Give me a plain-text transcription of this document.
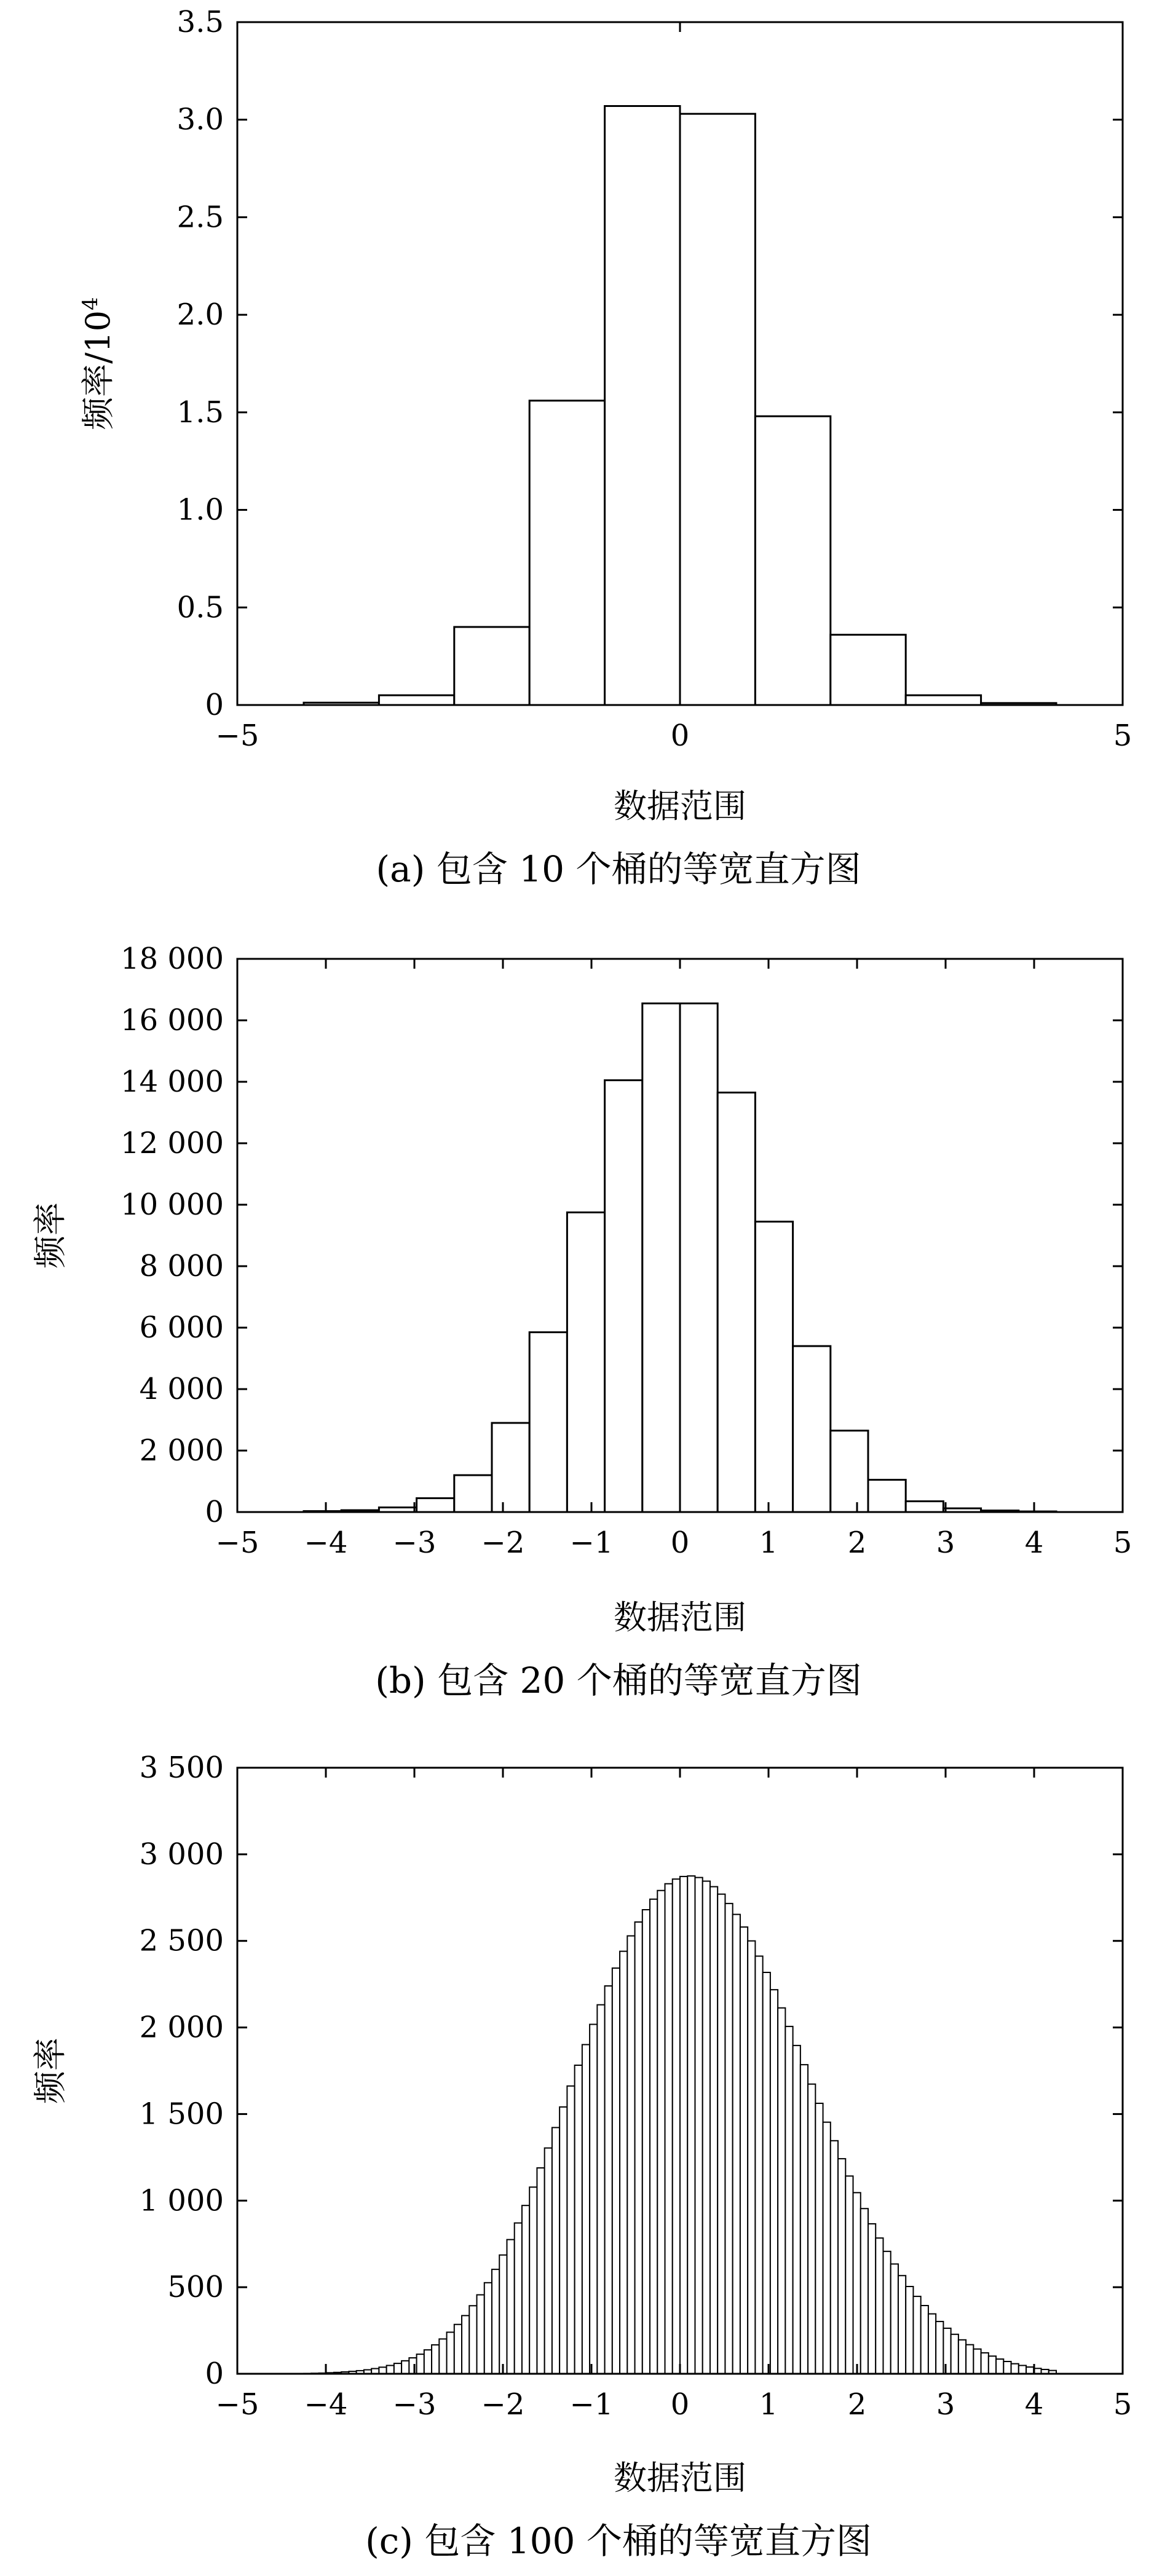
0
0.5
1.0
1.5
2.0
2.5
3.0
3.5
−5	0	5
数据范围
频率$/10^4$
(a) 包含 10 个桶的等宽直方图
0
2 000
4 000
6 000
8 000
10 000
12 000
14 000
16 000
18 000
−5 −4 −3 −2 −1 0 1 2 3 4 5
数据范围
频率
(b) 包含 20 个桶的等宽直方图
0
500
1 000
1 500
2 000
2 500
3 000
3 500
−5 −4 −3 −2 −1 0 1 2 3 4 5
数据范围
频率
(c) 包含 100 个桶的等宽直方图
